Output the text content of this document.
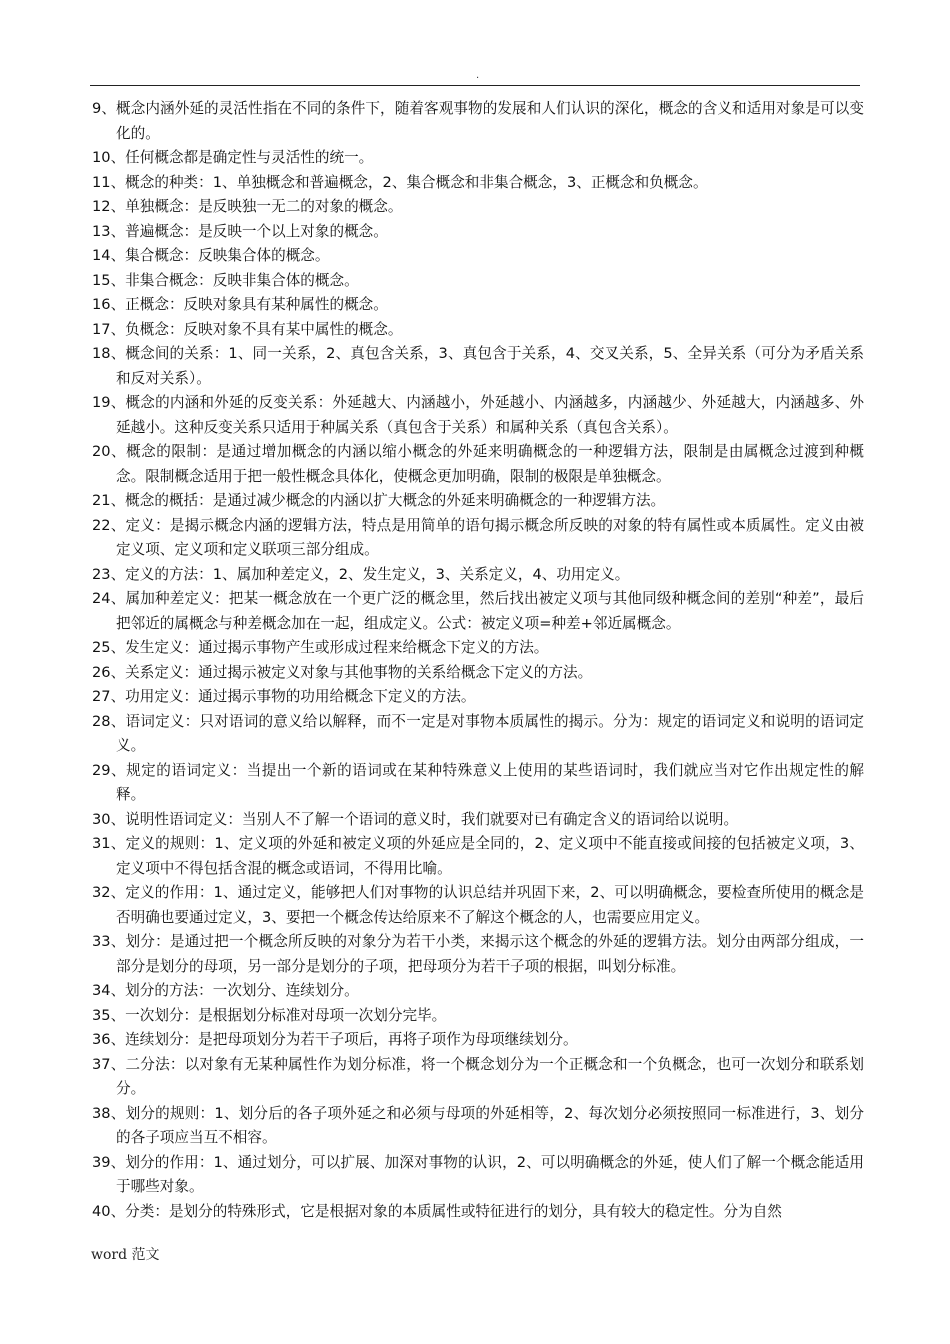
.

9、概念内涵外延的灵活性指在不同的条件下，随着客观事物的发展和人们认识的深化，概念的含义和适用对象是可以变化的。

10、任何概念都是确定性与灵活性的统一。

11、概念的种类：1、单独概念和普遍概念，2、集合概念和非集合概念，3、正概念和负概念。

12、单独概念：是反映独一无二的对象的概念。

13、普遍概念：是反映一个以上对象的概念。

14、集合概念：反映集合体的概念。

15、非集合概念：反映非集合体的概念。

16、正概念：反映对象具有某种属性的概念。

17、负概念：反映对象不具有某中属性的概念。

18、概念间的关系：1、同一关系，2、真包含关系，3、真包含于关系，4、交叉关系，5、全异关系（可分为矛盾关系和反对关系）。

19、概念的内涵和外延的反变关系：外延越大、内涵越小，外延越小、内涵越多，内涵越少、外延越大，内涵越多、外延越小。这种反变关系只适用于种属关系（真包含于关系）和属种关系（真包含关系）。

20、概念的限制：是通过增加概念的内涵以缩小概念的外延来明确概念的一种逻辑方法，限制是由属概念过渡到种概念。限制概念适用于把一般性概念具体化，使概念更加明确，限制的极限是单独概念。

21、概念的概括：是通过减少概念的内涵以扩大概念的外延来明确概念的一种逻辑方法。

22、定义：是揭示概念内涵的逻辑方法，特点是用简单的语句揭示概念所反映的对象的特有属性或本质属性。定义由被定义项、定义项和定义联项三部分组成。

23、定义的方法：1、属加种差定义，2、发生定义，3、关系定义，4、功用定义。

24、属加种差定义：把某一概念放在一个更广泛的概念里，然后找出被定义项与其他同级种概念间的差别“种差”，最后把邻近的属概念与种差概念加在一起，组成定义。公式：被定义项=种差+邻近属概念。

25、发生定义：通过揭示事物产生或形成过程来给概念下定义的方法。

26、关系定义：通过揭示被定义对象与其他事物的关系给概念下定义的方法。

27、功用定义：通过揭示事物的功用给概念下定义的方法。

28、语词定义：只对语词的意义给以解释，而不一定是对事物本质属性的揭示。分为：规定的语词定义和说明的语词定义。

29、规定的语词定义：当提出一个新的语词或在某种特殊意义上使用的某些语词时，我们就应当对它作出规定性的解释。

30、说明性语词定义：当别人不了解一个语词的意义时，我们就要对已有确定含义的语词给以说明。

31、定义的规则：1、定义项的外延和被定义项的外延应是全同的，2、定义项中不能直接或间接的包括被定义项，3、定义项中不得包括含混的概念或语词，不得用比喻。

32、定义的作用：1、通过定义，能够把人们对事物的认识总结并巩固下来，2、可以明确概念，要检查所使用的概念是否明确也要通过定义，3、要把一个概念传达给原来不了解这个概念的人，也需要应用定义。

33、划分：是通过把一个概念所反映的对象分为若干小类，来揭示这个概念的外延的逻辑方法。划分由两部分组成，一部分是划分的母项，另一部分是划分的子项，把母项分为若干子项的根据，叫划分标准。

34、划分的方法：一次划分、连续划分。

35、一次划分：是根据划分标准对母项一次划分完毕。

36、连续划分：是把母项划分为若干子项后，再将子项作为母项继续划分。

37、二分法：以对象有无某种属性作为划分标准，将一个概念划分为一个正概念和一个负概念，也可一次划分和联系划分。

38、划分的规则：1、划分后的各子项外延之和必须与母项的外延相等，2、每次划分必须按照同一标准进行，3、划分的各子项应当互不相容。

39、划分的作用：1、通过划分，可以扩展、加深对事物的认识，2、可以明确概念的外延，使人们了解一个概念能适用于哪些对象。

40、分类：是划分的特殊形式，它是根据对象的本质属性或特征进行的划分，具有较大的稳定性。分为自然

word 范文
